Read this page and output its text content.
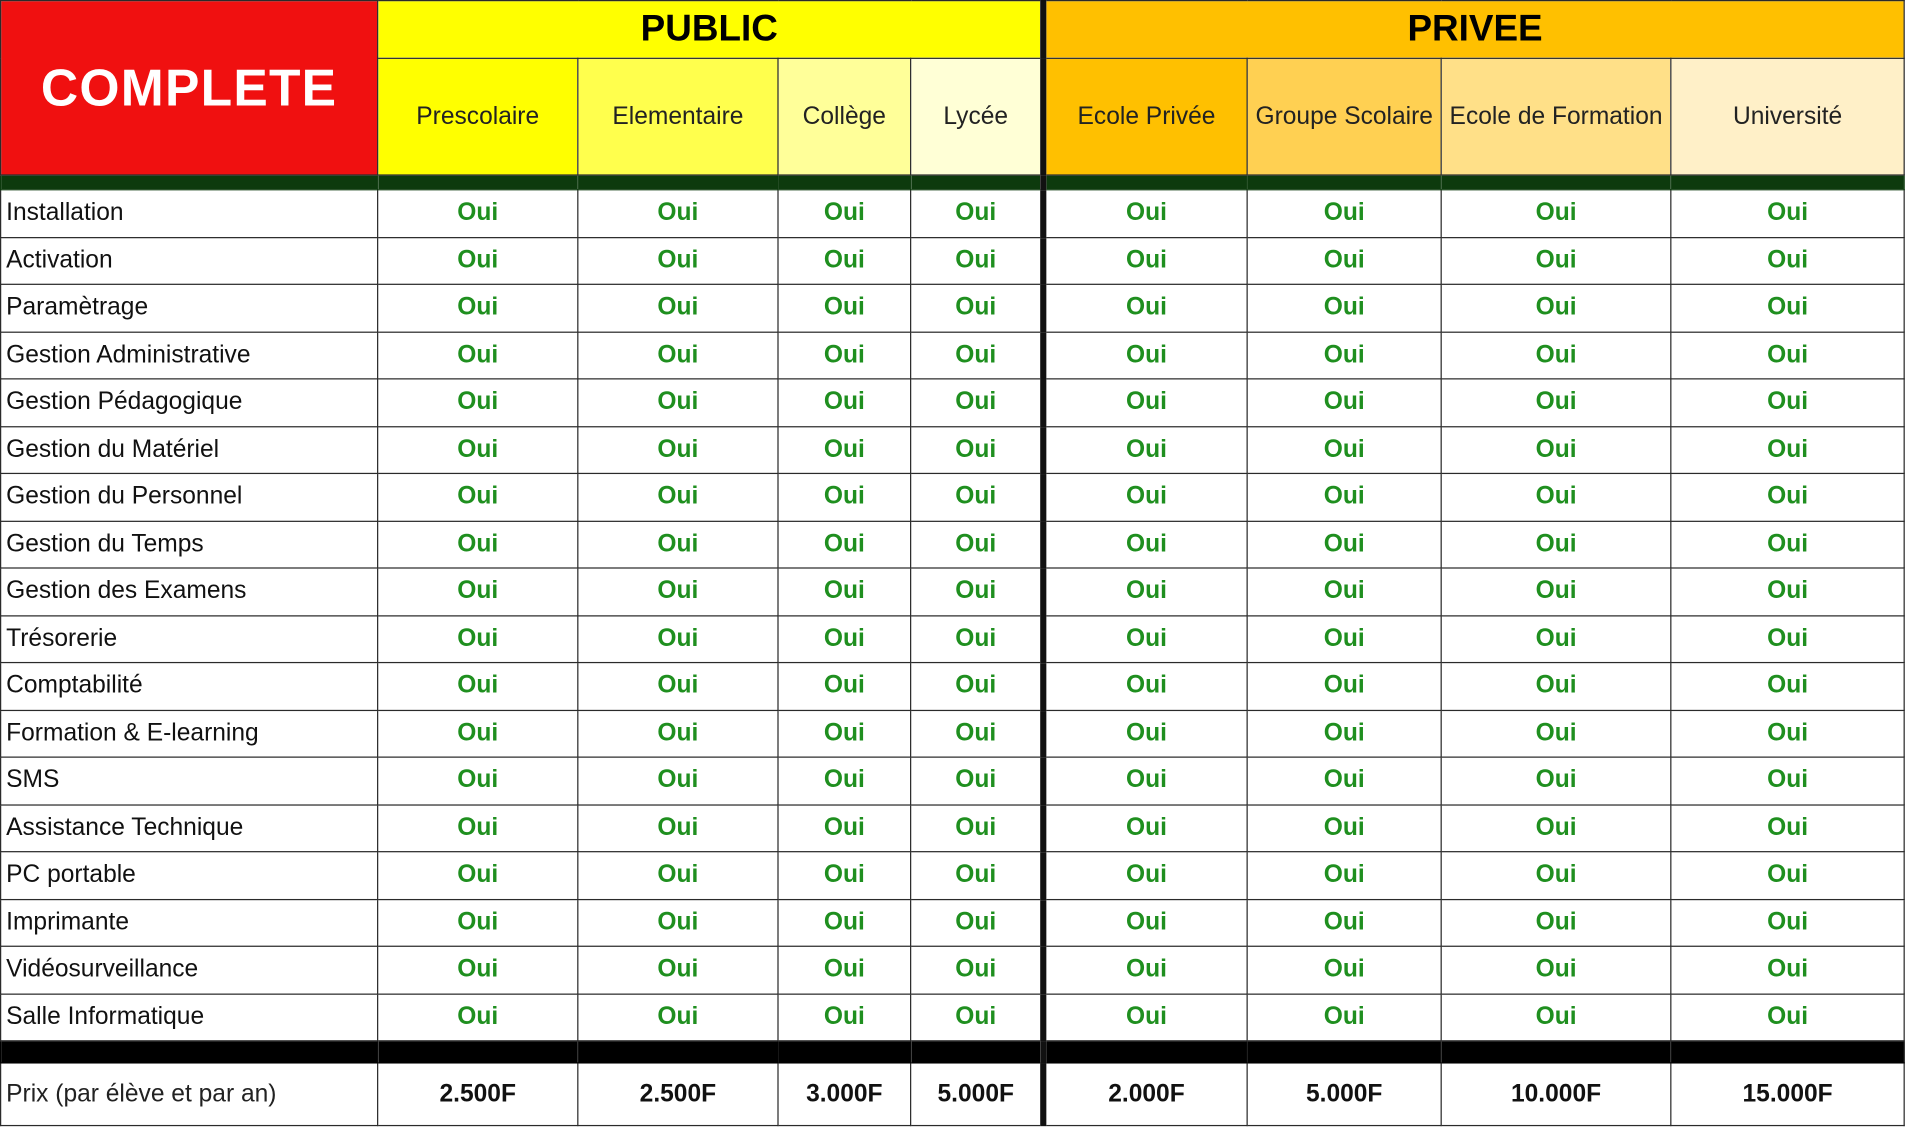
COMPLETE	PUBLIC				PRIVEE			
	Prescolaire	Elementaire	Collège	Lycée	Ecole Privée	Groupe Scolaire	Ecole de Formation	Université

Installation	Oui	Oui	Oui	Oui	Oui	Oui	Oui	Oui
Activation	Oui	Oui	Oui	Oui	Oui	Oui	Oui	Oui
Paramètrage	Oui	Oui	Oui	Oui	Oui	Oui	Oui	Oui
Gestion Administrative	Oui	Oui	Oui	Oui	Oui	Oui	Oui	Oui
Gestion Pédagogique	Oui	Oui	Oui	Oui	Oui	Oui	Oui	Oui
Gestion du Matériel	Oui	Oui	Oui	Oui	Oui	Oui	Oui	Oui
Gestion du Personnel	Oui	Oui	Oui	Oui	Oui	Oui	Oui	Oui
Gestion du Temps	Oui	Oui	Oui	Oui	Oui	Oui	Oui	Oui
Gestion des Examens	Oui	Oui	Oui	Oui	Oui	Oui	Oui	Oui
Trésorerie	Oui	Oui	Oui	Oui	Oui	Oui	Oui	Oui
Comptabilité	Oui	Oui	Oui	Oui	Oui	Oui	Oui	Oui
Formation & E-learning	Oui	Oui	Oui	Oui	Oui	Oui	Oui	Oui
SMS	Oui	Oui	Oui	Oui	Oui	Oui	Oui	Oui
Assistance Technique	Oui	Oui	Oui	Oui	Oui	Oui	Oui	Oui
PC portable	Oui	Oui	Oui	Oui	Oui	Oui	Oui	Oui
Imprimante	Oui	Oui	Oui	Oui	Oui	Oui	Oui	Oui
Vidéosurveillance	Oui	Oui	Oui	Oui	Oui	Oui	Oui	Oui
Salle Informatique	Oui	Oui	Oui	Oui	Oui	Oui	Oui	Oui

Prix (par élève et par an)	2.500F	2.500F	3.000F	5.000F	2.000F	5.000F	10.000F	15.000F
